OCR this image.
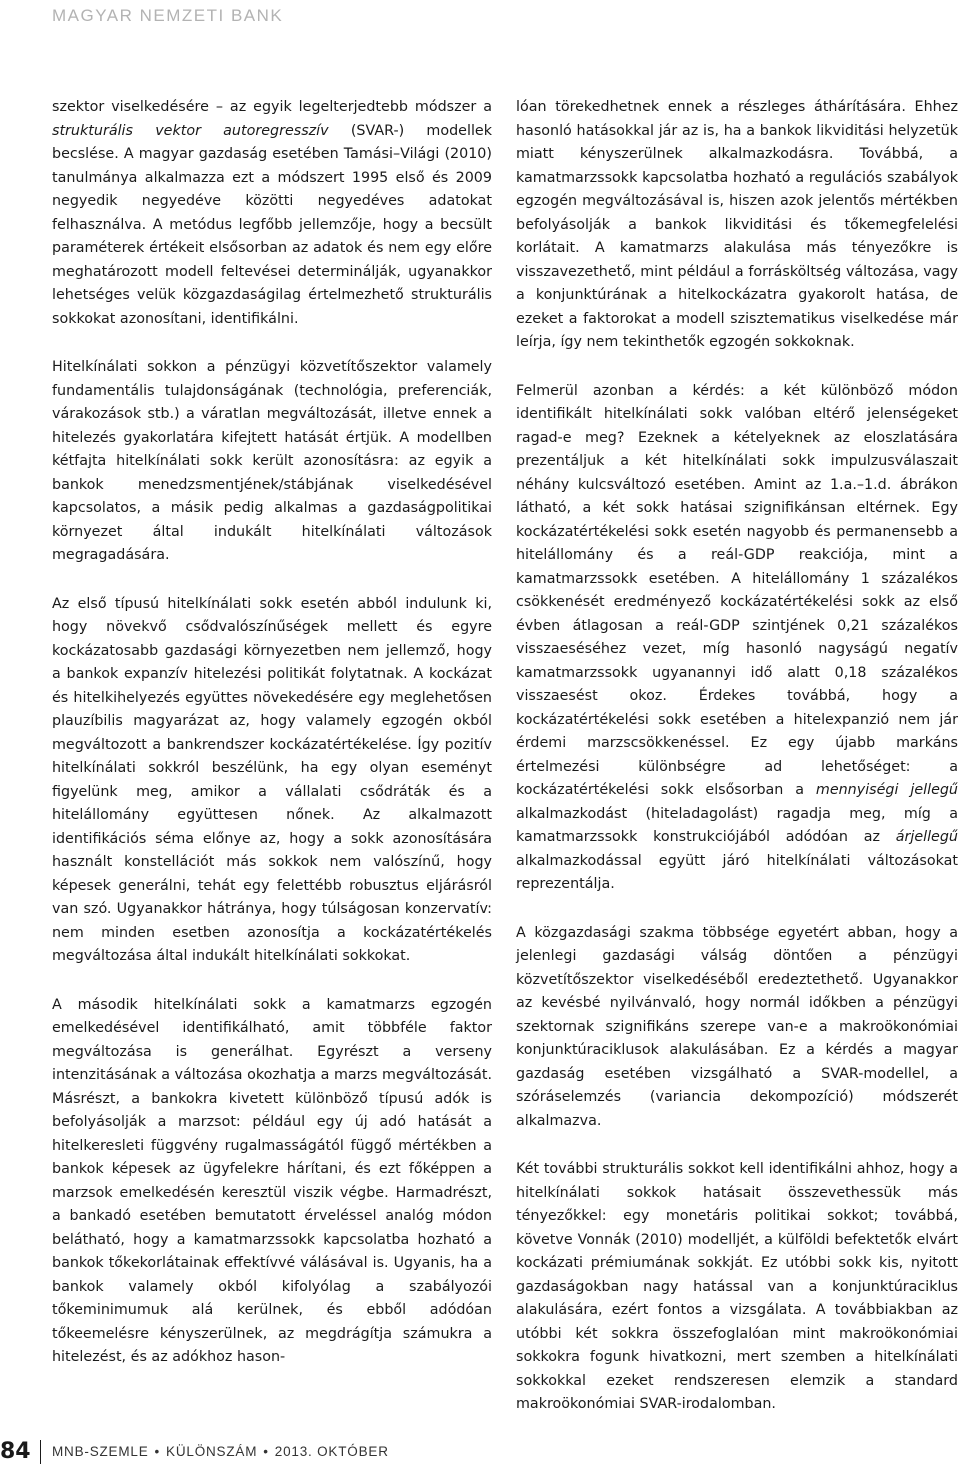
MAGYAR NEMZETI BANK

szektor viselkedésére – az egyik legelterjedtebb módszer a strukturális vektor autoregresszív (SVAR-) modellek becslése. A magyar gazdaság esetében Tamási–Világi (2010) tanulmánya alkalmazza ezt a módszert 1995 első és 2009 negyedik negyedéve közötti negyedéves adatokat felhasználva. A metódus legfőbb jellemzője, hogy a becsült paraméterek értékeit elsősorban az adatok és nem egy előre meghatározott modell feltevései determinálják, ugyanakkor lehetséges velük közgazdaságilag értelmezhető strukturális sokkokat azonosítani, identifikálni.

Hitelkínálati sokkon a pénzügyi közvetítőszektor valamely fundamentális tulajdonságának (technológia, preferenciák, várakozások stb.) a váratlan megváltozását, illetve ennek a hitelezés gyakorlatára kifejtett hatását értjük. A modellben kétfajta hitelkínálati sokk került azonosításra: az egyik a bankok menedzsmentjének/stábjának viselkedésével kapcsolatos, a másik pedig alkalmas a gazdaságpolitikai környezet által indukált hitelkínálati változások megragadására.

Az első típusú hitelkínálati sokk esetén abból indulunk ki, hogy növekvő csődvalószínűségek mellett és egyre kockázatosabb gazdasági környezetben nem jellemző, hogy a bankok expanzív hitelezési politikát folytatnak. A kockázat és hitelkihelyezés együttes növekedésére egy meglehetősen plauzíbilis magyarázat az, hogy valamely egzogén okból megváltozott a bankrendszer kockázatértékelése. Így pozitív hitelkínálati sokkról beszélünk, ha egy olyan eseményt figyelünk meg, amikor a vállalati csődráták és a hitelállomány együttesen nőnek. Az alkalmazott identifikációs séma előnye az, hogy a sokk azonosítására használt konstellációt más sokkok nem valószínű, hogy képesek generálni, tehát egy felettébb robusztus eljárásról van szó. Ugyanakkor hátránya, hogy túlságosan konzervatív: nem minden esetben azonosítja a kockázatértékelés megváltozása által indukált hitelkínálati sokkokat.

A második hitelkínálati sokk a kamatmarzs egzogén emelkedésével identifikálható, amit többféle faktor megváltozása is generálhat. Egyrészt a verseny intenzitásának a változása okozhatja a marzs megváltozását. Másrészt, a bankokra kivetett különböző típusú adók is befolyásolják a marzsot: például egy új adó hatását a hitelkeresleti függvény rugalmasságától függő mértékben a bankok képesek az ügyfelekre hárítani, és ezt főképpen a marzsok emelkedésén keresztül viszik végbe. Harmadrészt, a bankadó esetében bemutatott érveléssel analóg módon belátható, hogy a kamatmarzssokk kapcsolatba hozható a bankok tőkekorlátainak effektívvé válásával is. Ugyanis, ha a bankok valamely okból kifolyólag a szabályozói tőkeminimumuk alá kerülnek, és ebből adódóan tőkeemelésre kényszerülnek, az megdrágítja számukra a hitelezést, és az adókhoz hason-

lóan törekedhetnek ennek a részleges áthárítására. Ehhez hasonló hatásokkal jár az is, ha a bankok likviditási helyzetük miatt kényszerülnek alkalmazkodásra. Továbbá, a kamatmarzssokk kapcsolatba hozható a regulációs szabályok egzogén megváltozásával is, hiszen azok jelentős mértékben befolyásolják a bankok likviditási és tőkemegfelelési korlátait. A kamatmarzs alakulása más tényezőkre is visszavezethető, mint például a forrásköltség változása, vagy a konjunktúrának a hitelkockázatra gyakorolt hatása, de ezeket a faktorokat a modell szisztematikus viselkedése már leírja, így nem tekinthetők egzogén sokkoknak.

Felmerül azonban a kérdés: a két különböző módon identifikált hitelkínálati sokk valóban eltérő jelenségeket ragad-e meg? Ezeknek a kételyeknek az eloszlatására prezentáljuk a két hitelkínálati sokk impulzusválaszait néhány kulcsváltozó esetében. Amint az 1.a.–1.d. ábrákon látható, a két sokk hatásai szignifikánsan eltérnek. Egy kockázatértékelési sokk esetén nagyobb és permanensebb a hitelállomány és a reál-GDP reakciója, mint a kamatmarzssokk esetében. A hitelállomány 1 százalékos csökkenését eredményező kockázatértékelési sokk az első évben átlagosan a reál-GDP szintjének 0,21 százalékos visszaeséséhez vezet, míg hasonló nagyságú negatív kamatmarzssokk ugyanannyi idő alatt 0,18 százalékos visszaesést okoz. Érdekes továbbá, hogy a kockázatértékelési sokk esetében a hitelexpanzió nem jár érdemi marzscsökkenéssel. Ez egy újabb markáns értelmezési különbségre ad lehetőséget: a kockázatértékelési sokk elsősorban a mennyiségi jellegű alkalmazkodást (hiteladagolást) ragadja meg, míg a kamatmarzssokk konstrukciójából adódóan az árjellegű alkalmazkodással együtt járó hitelkínálati változásokat reprezentálja.

A közgazdasági szakma többsége egyetért abban, hogy a jelenlegi gazdasági válság döntően a pénzügyi közvetítőszektor viselkedéséből eredeztethető. Ugyanakkor az kevésbé nyilvánvaló, hogy normál időkben a pénzügyi szektornak szignifikáns szerepe van-e a makroökonómiai konjunktúraciklusok alakulásában. Ez a kérdés a magyar gazdaság esetében vizsgálható a SVAR-modellel, a szóráselemzés (variancia dekompozíció) módszerét alkalmazva.

Két további strukturális sokkot kell identifikálni ahhoz, hogy a hitelkínálati sokkok hatásait összevethessük más tényezőkkel: egy monetáris politikai sokkot; továbbá, követve Vonnák (2010) modelljét, a külföldi befektetők elvárt kockázati prémiumának sokkját. Ez utóbbi sokk kis, nyitott gazdaságokban nagy hatással van a konjunktúraciklus alakulására, ezért fontos a vizsgálata. A továbbiakban az utóbbi két sokkra összefoglalóan mint makroökonómiai sokkokra fogunk hivatkozni, mert szemben a hitelkínálati sokkokkal ezeket rendszeresen elemzik a standard makroökonómiai SVAR-irodalomban.

84 MNB-SZEMLE • KÜLÖNSZÁM • 2013. OKTÓBER
